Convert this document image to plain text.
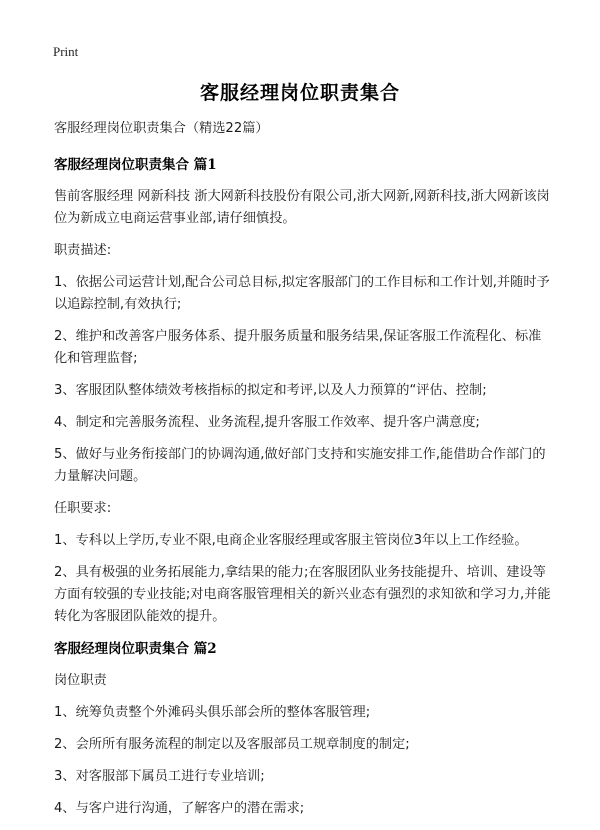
Print
客服经理岗位职责集合

客服经理岗位职责集合（精选22篇）

客服经理岗位职责集合 篇1

售前客服经理 网新科技 浙大网新科技股份有限公司,浙大网新,网新科技,浙大网新该岗位为新成立电商运营事业部,请仔细慎投。

职责描述:

1、依据公司运营计划,配合公司总目标,拟定客服部门的工作目标和工作计划,并随时予以追踪控制,有效执行;

2、维护和改善客户服务体系、提升服务质量和服务结果,保证客服工作流程化、标准化和管理监督;

3、客服团队整体绩效考核指标的拟定和考评,以及人力预算的“评估、控制;

4、制定和完善服务流程、业务流程,提升客服工作效率、提升客户满意度;

5、做好与业务衔接部门的协调沟通,做好部门支持和实施安排工作,能借助合作部门的力量解决问题。

任职要求:

1、专科以上学历,专业不限,电商企业客服经理或客服主管岗位3年以上工作经验。

2、具有极强的业务拓展能力,拿结果的能力;在客服团队业务技能提升、培训、建设等方面有较强的专业技能;对电商客服管理相关的新兴业态有强烈的求知欲和学习力,并能转化为客服团队能效的提升。

客服经理岗位职责集合 篇2

岗位职责

1、统筹负责整个外滩码头俱乐部会所的整体客服管理;

2、会所所有服务流程的制定以及客服部员工规章制度的制定;

3、对客服部下属员工进行专业培训;

4、与客户进行沟通，了解客户的潜在需求;
